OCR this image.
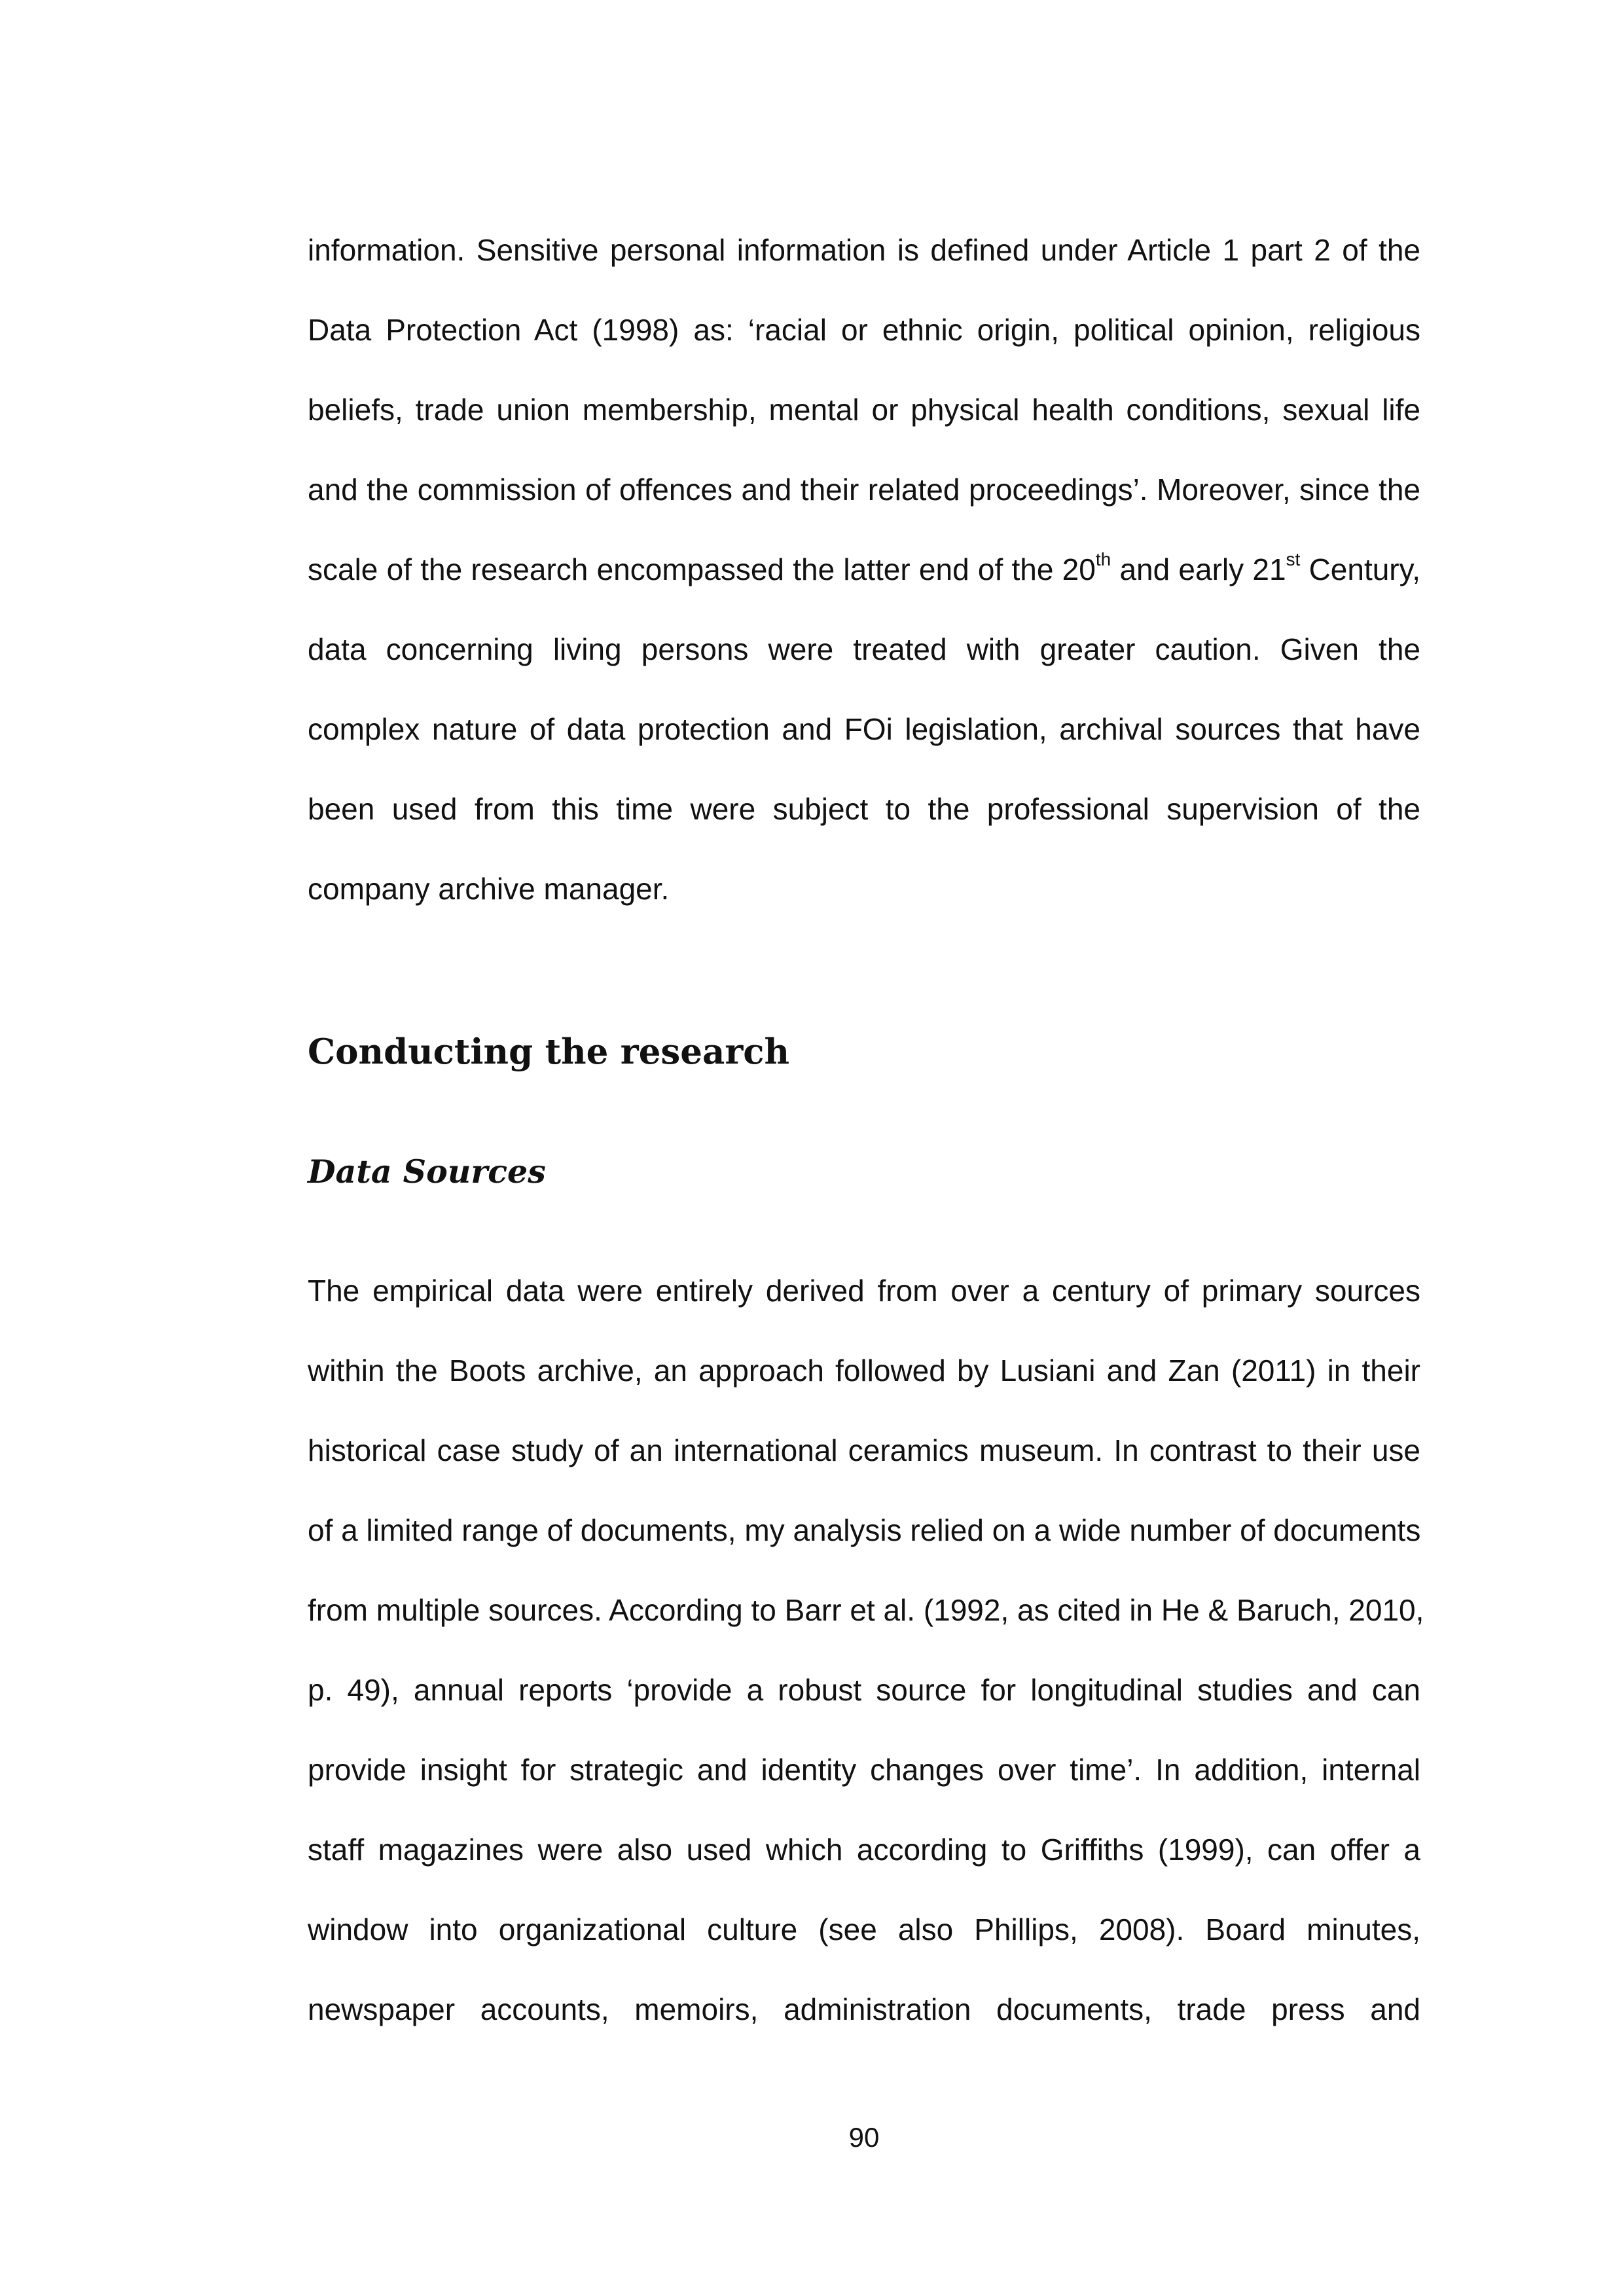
information. Sensitive personal information is defined under Article 1 part 2 of the
Data Protection Act (1998) as: ‘racial or ethnic origin, political opinion, religious
beliefs, trade union membership, mental or physical health conditions, sexual life
and the commission of offences and their related proceedings’. Moreover, since the
scale of the research encompassed the latter end of the 20th and early 21st Century,
data concerning living persons were treated with greater caution. Given the
complex nature of data protection and FOi legislation, archival sources that have
been used from this time were subject to the professional supervision of the
company archive manager.
Conducting the research
Data Sources
The empirical data were entirely derived from over a century of primary sources
within the Boots archive, an approach followed by Lusiani and Zan (2011) in their
historical case study of an international ceramics museum. In contrast to their use
of a limited range of documents, my analysis relied on a wide number of documents
from multiple sources. According to Barr et al. (1992, as cited in He & Baruch, 2010,
p. 49), annual reports ‘provide a robust source for longitudinal studies and can
provide insight for strategic and identity changes over time’. In addition, internal
staff magazines were also used which according to Griffiths (1999), can offer a
window into organizational culture (see also Phillips, 2008). Board minutes,
newspaper accounts, memoirs, administration documents, trade press and
90
